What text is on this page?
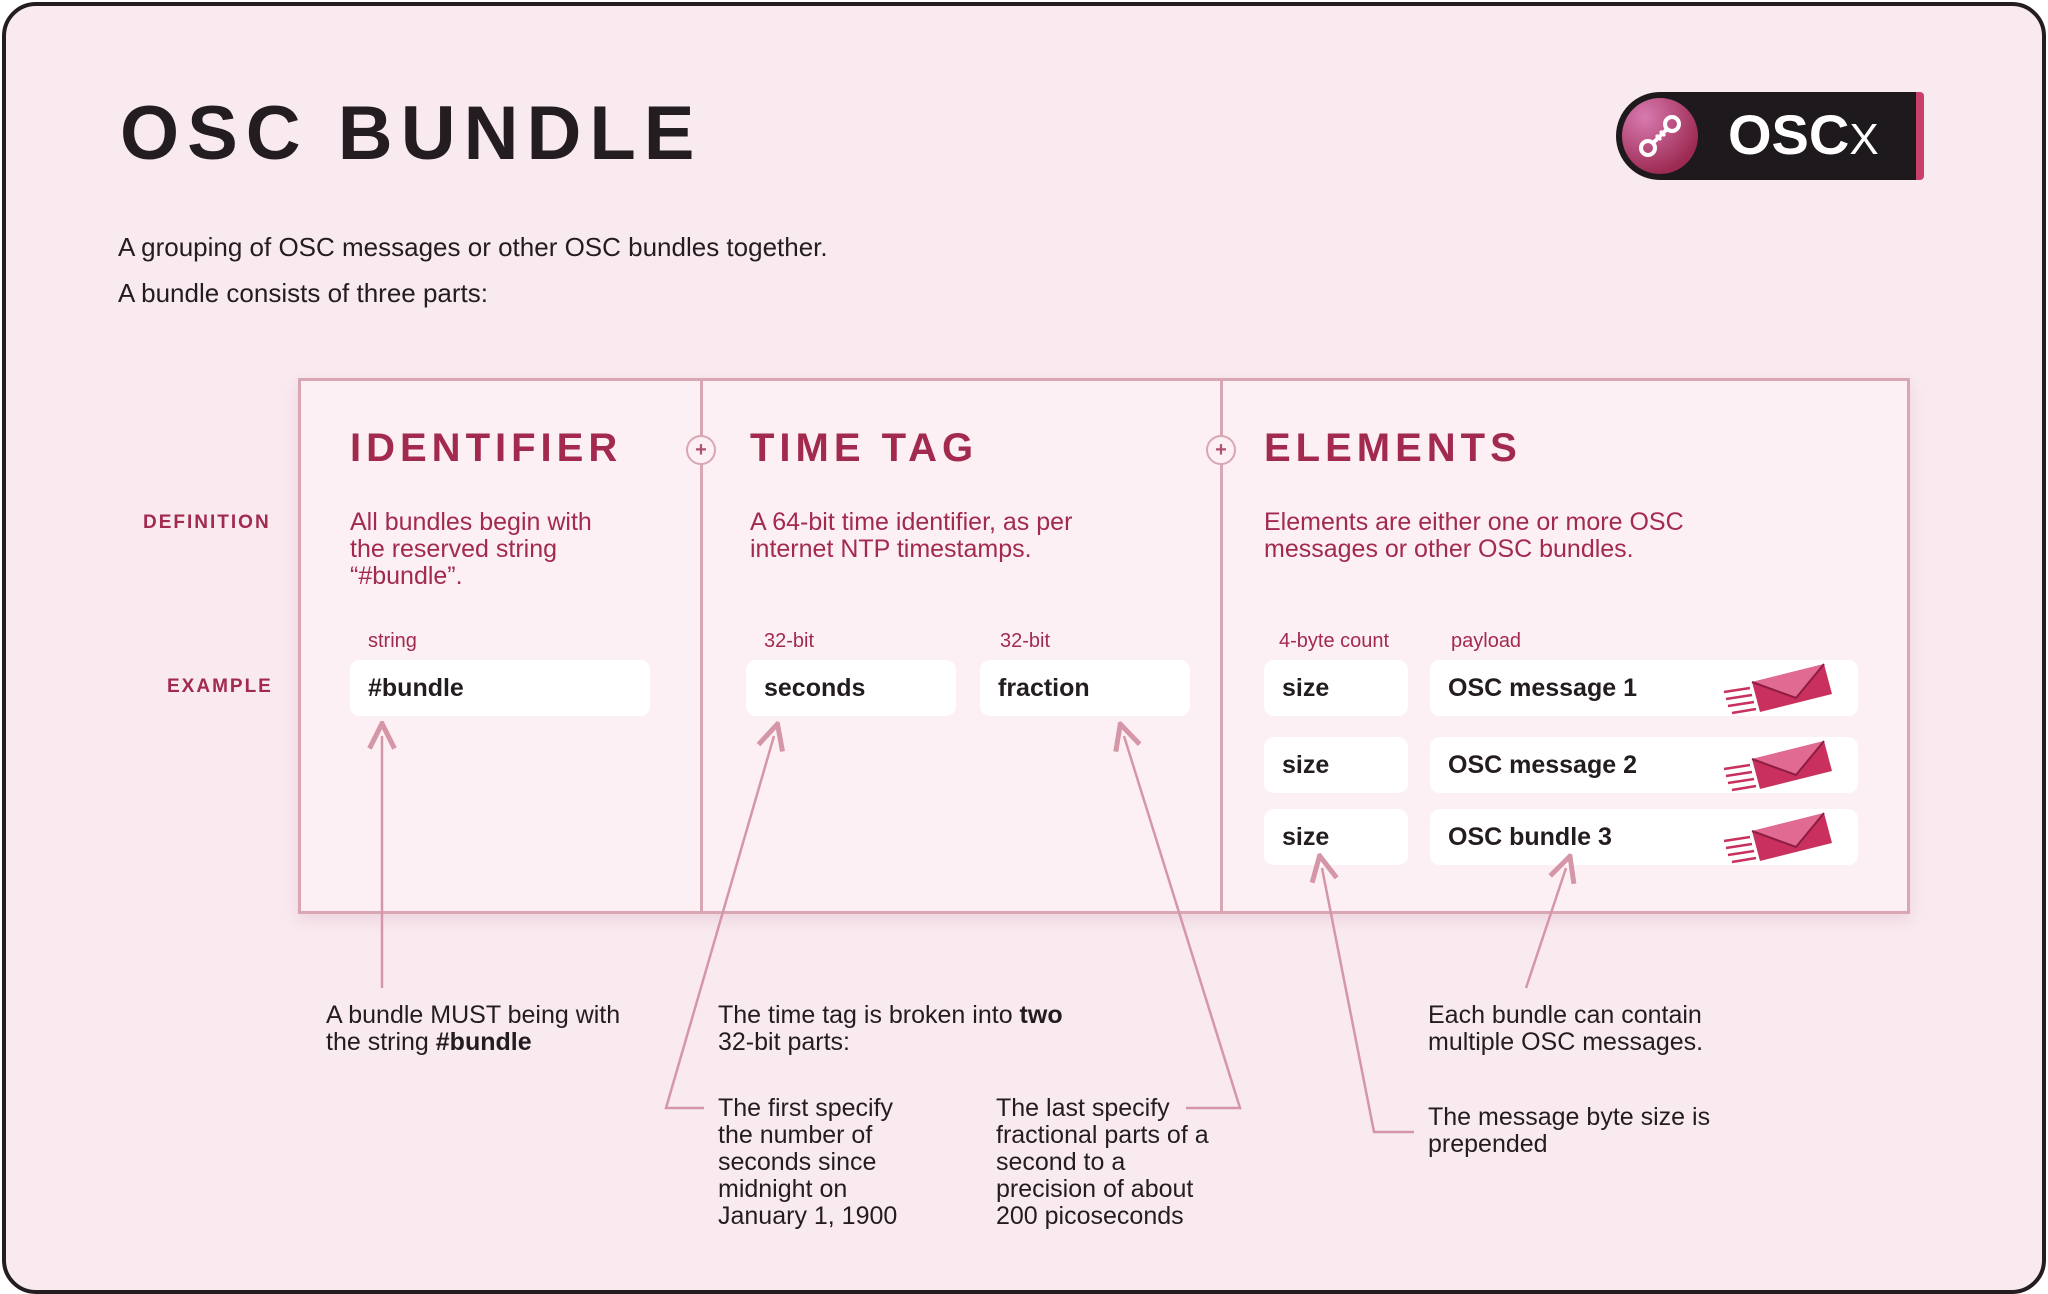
OSC BUNDLE
A grouping of OSC messages or other OSC bundles together.
A bundle consists of three parts:
OSCX
DEFINITION
EXAMPLE
+	+
IDENTIFIER
All bundles begin with
the reserved string
“#bundle”.
string
#bundle
TIME TAG
A 64-bit time identifier, as per
internet NTP timestamps.
32-bit
seconds
32-bit
fraction
ELEMENTS
Elements are either one or more OSC
messages or other OSC bundles.
4-byte count	payload
size	OSC message 1
size	OSC message 2
size	OSC bundle 3
A bundle MUST being with
the string #bundle
The time tag is broken into two
32-bit parts:
The first specify
the number of
seconds since
midnight on
January 1, 1900
The last specify
fractional parts of a
second to a
precision of about
200 picoseconds
Each bundle can contain
multiple OSC messages.
The message byte size is
prepended
